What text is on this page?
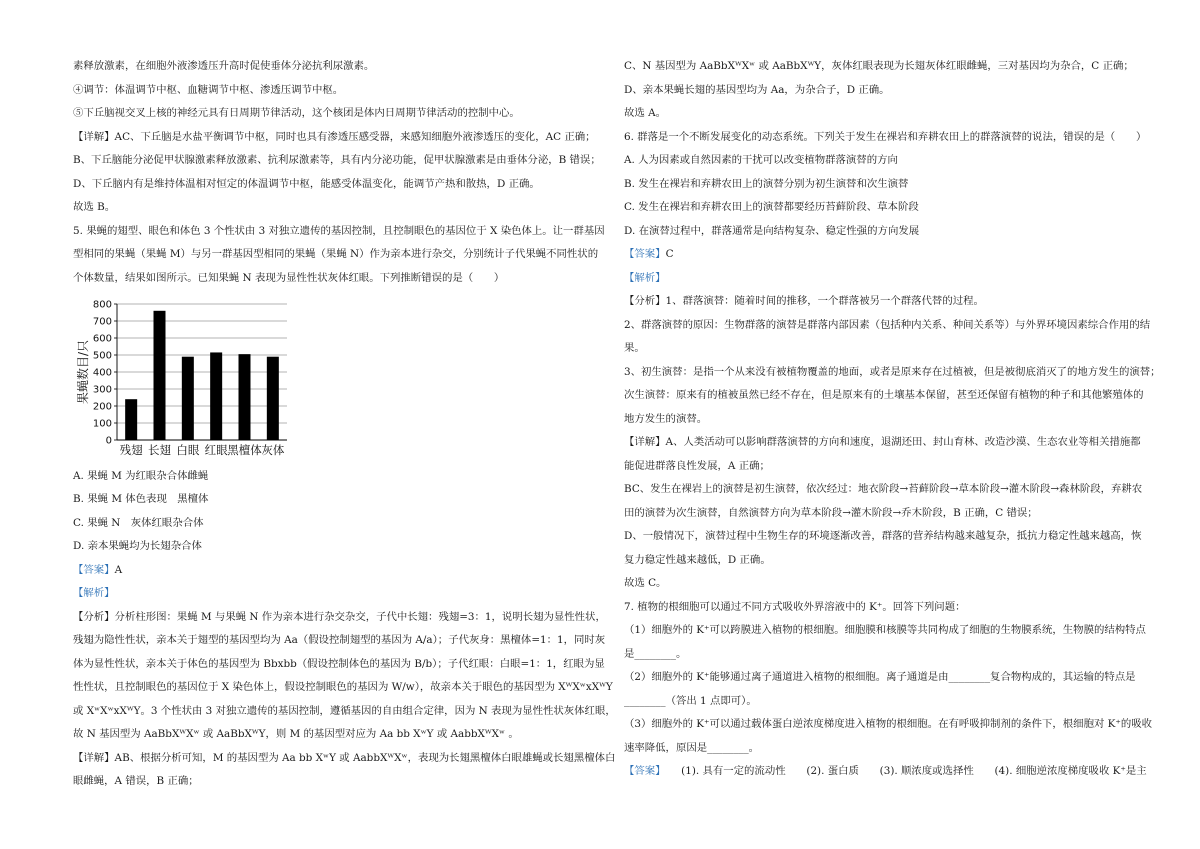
0
100
200
300
400
500
600
700
800
果蝇数目/只
残翅 长翅 白眼 红眼 黑檀体 灰体
素释放激素，在细胞外液渗透压升高时促使垂体分泌抗利尿激素。
④调节：体温调节中枢、血糖调节中枢、渗透压调节中枢。
⑤下丘脑视交叉上核的神经元具有日周期节律活动，这个核团是体内日周期节律活动的控制中心。
【详解】AC、下丘脑是水盐平衡调节中枢，同时也具有渗透压感受器，来感知细胞外液渗透压的变化，AC 正确；
B、下丘脑能分泌促甲状腺激素释放激素、抗利尿激素等，具有内分泌功能，促甲状腺激素是由垂体分泌，B 错误；
D、下丘脑内有是维持体温相对恒定的体温调节中枢，能感受体温变化，能调节产热和散热，D 正确。
故选 B。
5. 果蝇的翅型、眼色和体色 3 个性状由 3 对独立遗传的基因控制，且控制眼色的基因位于 X 染色体上。让一群基因
型相同的果蝇（果蝇 M）与另一群基因型相同的果蝇（果蝇 N）作为亲本进行杂交，分别统计子代果蝇不同性状的
个体数量，结果如图所示。已知果蝇 N 表现为显性性状灰体红眼。下列推断错误的是（　　）
A. 果蝇 M 为红眼杂合体雌蝇
B. 果蝇 M 体色表现　黑檀体
C. 果蝇 N　灰体红眼杂合体
D. 亲本果蝇均为长翅杂合体
【答案】A
【解析】
【分析】分析柱形图：果蝇 M 与果蝇 N 作为亲本进行杂交杂交，子代中长翅：残翅=3：1，说明长翅为显性性状，
残翅为隐性性状，亲本关于翅型的基因型均为 Aa（假设控制翅型的基因为 A/a）；子代灰身：黑檀体=1：1，同时灰
体为显性性状，亲本关于体色的基因型为 Bbxbb（假设控制体色的基因为 B/b）；子代红眼：白眼=1：1，红眼为显
性性状，且控制眼色的基因位于 X 染色体上，假设控制眼色的基因为 W/w），故亲本关于眼色的基因型为 XᵂXʷxXᵂY
或 XʷXʷxXᵂY。3 个性状由 3 对独立遗传的基因控制，遵循基因的自由组合定律，因为 N 表现为显性性状灰体红眼，
故 N 基因型为 AaBbXᵂXʷ 或 AaBbXᵂY，则 M 的基因型对应为 Aa bb XʷY 或 AabbXᵂXʷ 。
【详解】AB、根据分析可知，M 的基因型为 Aa bb XʷY 或 AabbXᵂXʷ，表现为长翅黑檀体白眼雄蝇或长翅黑檀体白
眼雌蝇，A 错误，B 正确；
C、N 基因型为 AaBbXᵂXʷ 或 AaBbXᵂY，灰体红眼表现为长翅灰体红眼雌蝇，三对基因均为杂合，C 正确；
D、亲本果蝇长翅的基因型均为 Aa，为杂合子，D 正确。
故选 A。
6. 群落是一个不断发展变化的动态系统。下列关于发生在裸岩和弃耕农田上的群落演替的说法，错误的是（　　）
A. 人为因素或自然因素的干扰可以改变植物群落演替的方向
B. 发生在裸岩和弃耕农田上的演替分别为初生演替和次生演替
C. 发生在裸岩和弃耕农田上的演替都要经历苔藓阶段、草本阶段
D. 在演替过程中，群落通常是向结构复杂、稳定性强的方向发展
【答案】C
【解析】
【分析】1、群落演替：随着时间的推移，一个群落被另一个群落代替的过程。
2、群落演替的原因：生物群落的演替是群落内部因素（包括种内关系、种间关系等）与外界环境因素综合作用的结
果。
3、初生演替：是指一个从来没有被植物覆盖的地面，或者是原来存在过植被，但是被彻底消灭了的地方发生的演替；
次生演替：原来有的植被虽然已经不存在，但是原来有的土壤基本保留，甚至还保留有植物的种子和其他繁殖体的
地方发生的演替。
【详解】A、人类活动可以影响群落演替的方向和速度，退湖还田、封山育林、改造沙漠、生态农业等相关措施都
能促进群落良性发展，A 正确；
BC、发生在裸岩上的演替是初生演替，依次经过：地衣阶段→苔藓阶段→草本阶段→灌木阶段→森林阶段，弃耕农
田的演替为次生演替，自然演替方向为草本阶段→灌木阶段→乔木阶段，B 正确，C 错误；
D、一般情况下，演替过程中生物生存的环境逐渐改善，群落的营养结构越来越复杂，抵抗力稳定性越来越高，恢
复力稳定性越来越低，D 正确。
故选 C。
7. 植物的根细胞可以通过不同方式吸收外界溶液中的 K⁺。回答下列问题：
（1）细胞外的 K⁺可以跨膜进入植物的根细胞。细胞膜和核膜等共同构成了细胞的生物膜系统，生物膜的结构特点
是________。
（2）细胞外的 K⁺能够通过离子通道进入植物的根细胞。离子通道是由________复合物构成的，其运输的特点是
________（答出 1 点即可）。
（3）细胞外的 K⁺可以通过载体蛋白逆浓度梯度进入植物的根细胞。在有呼吸抑制剂的条件下，根细胞对 K⁺的吸收
速率降低，原因是________。
【答案】　　(1). 具有一定的流动性　　(2). 蛋白质　　(3). 顺浓度或选择性　　(4). 细胞逆浓度梯度吸收 K⁺是主
